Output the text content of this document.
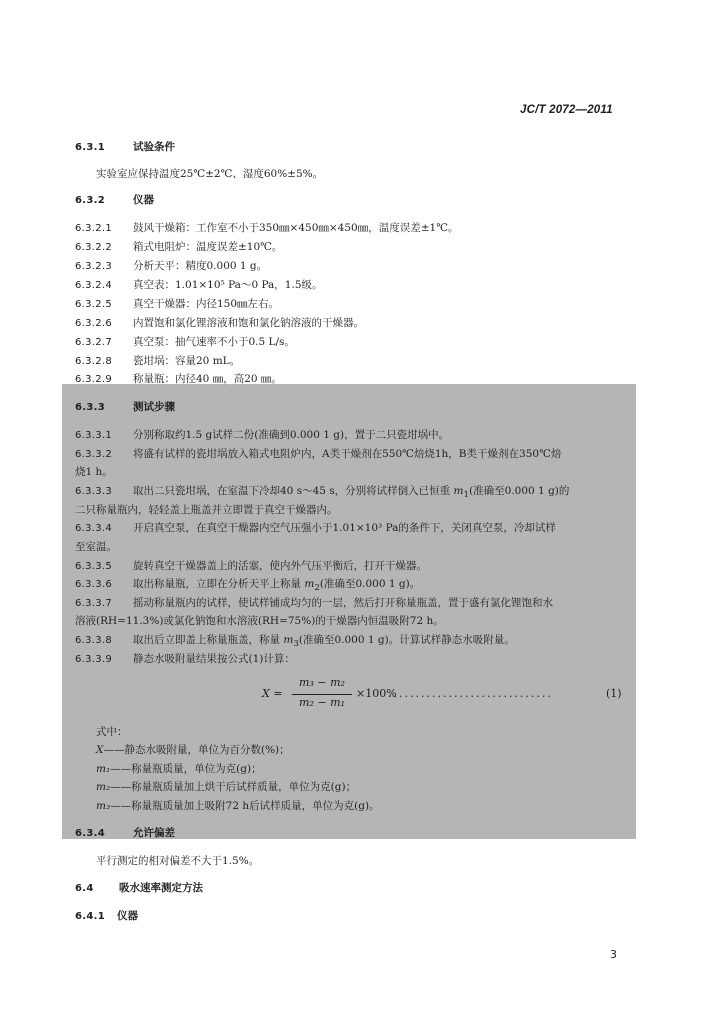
JC/T 2072—2011
6.3.1	试验条件
实验室应保持温度25℃±2℃、湿度60%±5%。
6.3.2	仪器
6.3.2.1 鼓风干燥箱：工作室不小于350㎜×450㎜×450㎜，温度误差±1℃。
6.3.2.2 箱式电阻炉：温度误差±10℃。
6.3.2.3 分析天平：精度0.000 1 g。
6.3.2.4 真空表：1.01×10⁵ Pa～0 Pa，1.5级。
6.3.2.5 真空干燥器：内径150㎜左右。
6.3.2.6 内置饱和氯化锂溶液和饱和氯化钠溶液的干燥器。
6.3.2.7 真空泵：抽气速率不小于0.5 L/s。
6.3.2.8 瓷坩埚：容量20 mL。
6.3.2.9 称量瓶：内径40 ㎜，高20 ㎜。
6.3.3	测试步骤
6.3.3.1 分别称取约1.5 g试样二份(准确到0.000 1 g)，置于二只瓷坩埚中。
6.3.3.2 将盛有试样的瓷坩埚放入箱式电阻炉内，A类干燥剂在550℃焙烧1h，B类干燥剂在350℃焙
烧1 h。
6.3.3.3 取出二只瓷坩埚，在室温下冷却40 s～45 s，分别将试样倒入已恒重 $m_1$(准确至0.000 1 g)的
二只称量瓶内，轻轻盖上瓶盖并立即置于真空干燥器内。
6.3.3.4 开启真空泵，在真空干燥器内空气压强小于1.01×10³ Pa的条件下，关闭真空泵，冷却试样
至室温。
6.3.3.5 旋转真空干燥器盖上的活塞，使内外气压平衡后，打开干燥器。
6.3.3.6 取出称量瓶，立即在分析天平上称量 $m_2$(准确至0.000 1 g)。
6.3.3.7 摇动称量瓶内的试样，使试样铺成均匀的一层，然后打开称量瓶盖，置于盛有氯化锂饱和水
溶液(RH=11.3%)或氯化钠饱和水溶液(RH=75%)的干燥器内恒温吸附72 h。
6.3.3.8 取出后立即盖上称量瓶盖，称量 $m_3$(准确至0.000 1 g)。计算试样静态水吸附量。
6.3.3.9 静态水吸附量结果按公式(1)计算：
X =
m₃ − m₂
m₂ − m₁
×100%
..............................	(1)
式中：
X——静态水吸附量，单位为百分数(%)；
m₁——称量瓶质量，单位为克(g)；
m₂——称量瓶质量加上烘干后试样质量，单位为克(g)；
m₃——称量瓶质量加上吸附72 h后试样质量，单位为克(g)。
6.3.4	允许偏差
平行测定的相对偏差不大于1.5%。
6.4 吸水速率测定方法
6.4.1 仪器
3
